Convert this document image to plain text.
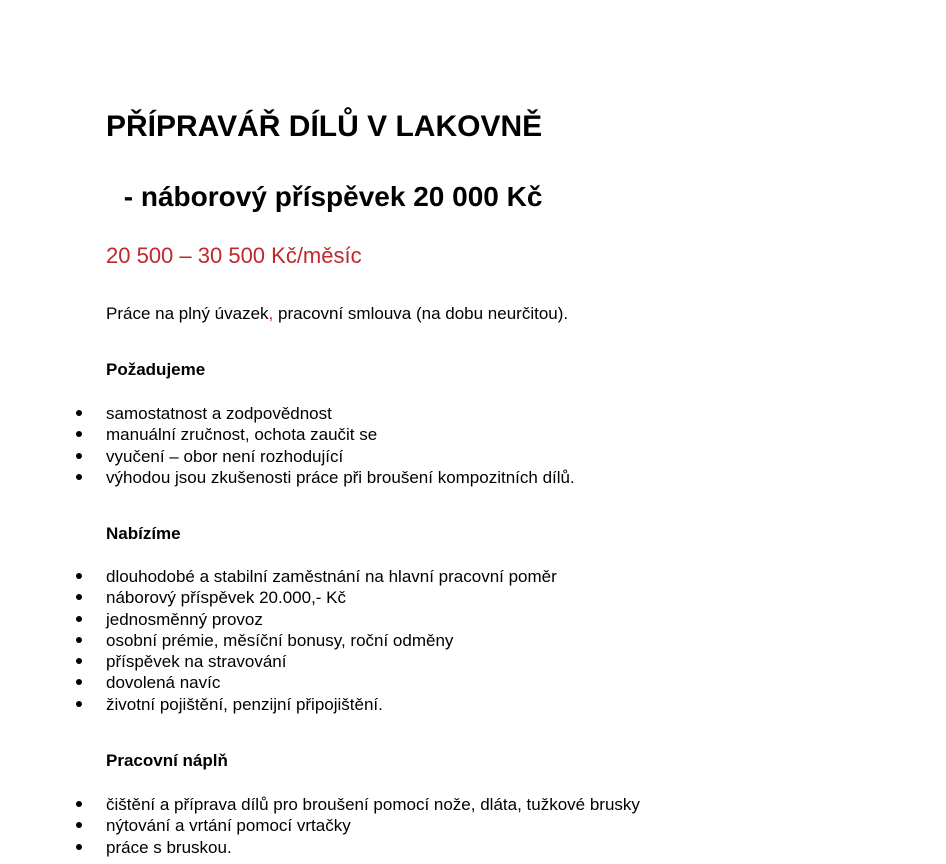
PŘÍPRAVÁŘ DÍLŮ V LAKOVNĚ
- náborový příspěvek 20 000 Kč

20 500 – 30 500 Kč/měsíc

Práce na plný úvazek, pracovní smlouva (na dobu neurčitou).

Požadujeme
samostatnost a zodpovědnost
manuální zručnost, ochota zaučit se
vyučení – obor není rozhodující
výhodou jsou zkušenosti práce při broušení kompozitních dílů.
Nabízíme
dlouhodobé a stabilní zaměstnání na hlavní pracovní poměr
náborový příspěvek 20.000,- Kč
jednosměnný provoz
osobní prémie, měsíční bonusy, roční odměny
příspěvek na stravování
dovolená navíc
životní pojištění, penzijní připojištění.
Pracovní náplň
čištění a příprava dílů pro broušení pomocí nože, dláta, tužkové brusky
nýtování a vrtání pomocí vrtačky
práce s bruskou.
